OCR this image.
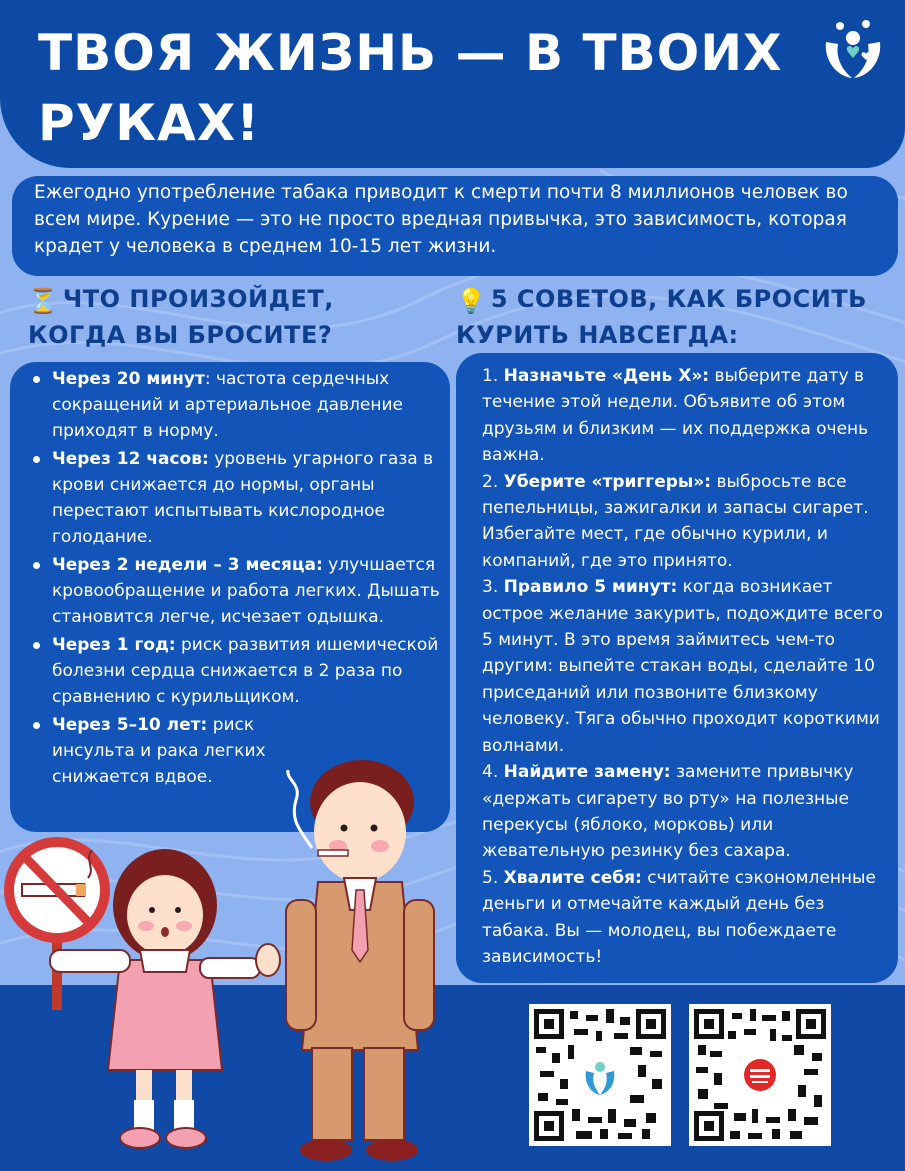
ТВОЯ ЖИЗНЬ — В ТВОИХ РУКАХ!

Ежегодно употребление табака приводит к смерти почти 8 миллионов человек во всем мире. Курение — это не просто вредная привычка, это зависимость, которая крадет у человека в среднем 10-15 лет жизни.

⏳ ЧТО ПРОИЗОЙДЕТ, КОГДА ВЫ БРОСИТЕ?
💡 5 СОВЕТОВ, КАК БРОСИТЬ КУРИТЬ НАВСЕГДА:
Через 20 минут: частота сердечных сокращений и артериальное давление приходят в норму.
Через 12 часов: уровень угарного газа в крови снижается до нормы, органы перестают испытывать кислородное голодание.
Через 2 недели – 3 месяца: улучшается кровообращение и работа легких. Дышать становится легче, исчезает одышка.
Через 1 год: риск развития ишемической болезни сердца снижается в 2 раза по сравнению с курильщиком.
Через 5–10 лет: риск инсульта и рака легких снижается вдвое.
1. Назначьте «День Х»: выберите дату в течение этой недели. Объявите об этом друзьям и близким — их поддержка очень важна.
2. Уберите «триггеры»: выбросьте все пепельницы, зажигалки и запасы сигарет. Избегайте мест, где обычно курили, и компаний, где это принято.
3. Правило 5 минут: когда возникает острое желание закурить, подождите всего 5 минут. В это время займитесь чем-то другим: выпейте стакан воды, сделайте 10 приседаний или позвоните близкому человеку. Тяга обычно проходит короткими волнами.
4. Найдите замену: замените привычку «держать сигарету во рту» на полезные перекусы (яблоко, морковь) или жевательную резинку без сахара.
5. Хвалите себя: считайте сэкономленные деньги и отмечайте каждый день без табака. Вы — молодец, вы побеждаете зависимость!
